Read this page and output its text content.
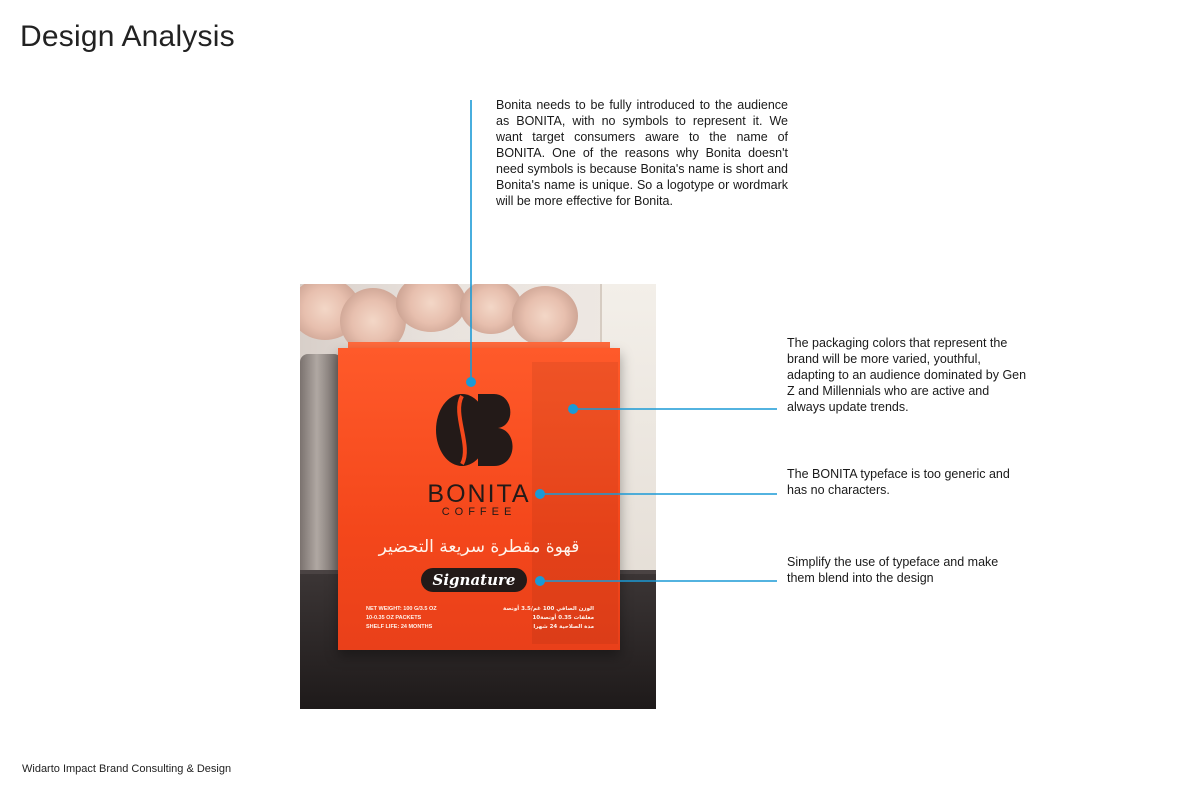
Design Analysis
Bonita needs to be fully introduced to the audience as BONITA, with no symbols to represent it. We want target consumers aware to the name of BONITA. One of the reasons why Bonita doesn't need symbols is because Bonita's name is short and Bonita's name is unique. So a logotype or wordmark will be more effective for Bonita.
The packaging colors that represent the brand will be more varied, youthful, adapting to an audience dominated by Gen Z and Millennials who are active and always update trends.
The BONITA typeface is too generic and has no characters.
Simplify the use of typeface and make them blend into the design
BONITA
COFFEE
قهوة مقطرة سريعة التحضير
Signature
NET WEIGHT: 100 G/3.5 OZ
10-0.35 OZ PACKETS
SHELF LIFE: 24 MONTHS
الوزن الصافي 100 غم/3.5 أونصة
10مغلفات 0.35 أونصة
مدة الصلاحية 24 شهرا
Widarto Impact Brand Consulting & Design
